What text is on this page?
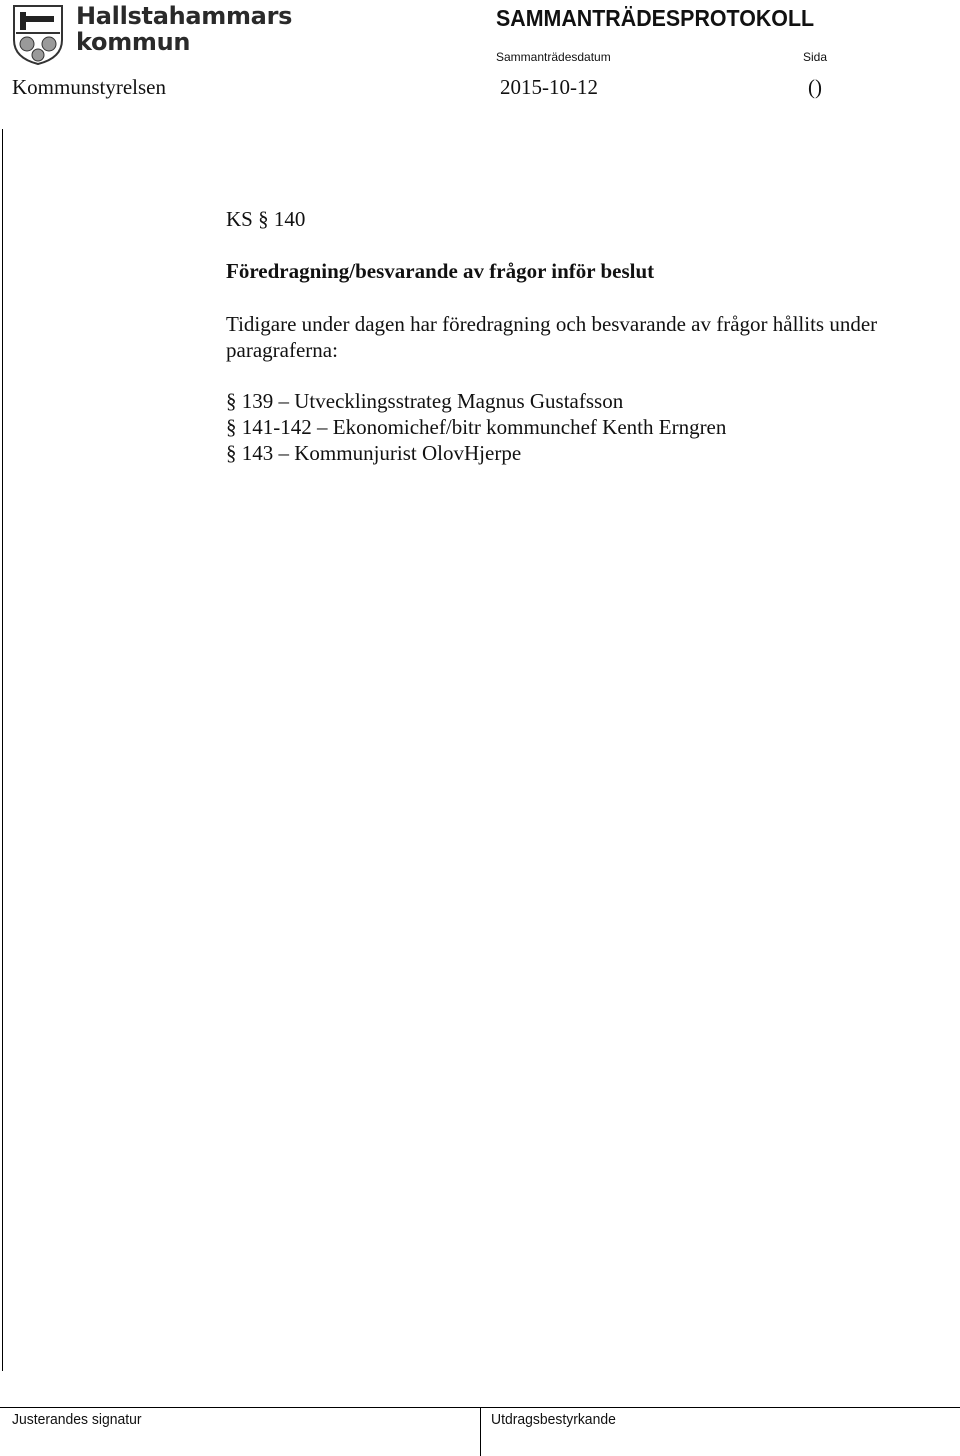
Hallstahammars
kommun
SAMMANTRÄDESPROTOKOLL
Sammanträdesdatum	Sida
Kommunstyrelsen	2015-10-12	()
KS § 140
Föredragning/besvarande av frågor inför beslut
Tidigare under dagen har föredragning och besvarande av frågor hållits under paragraferna:
§ 139 – Utvecklingsstrateg Magnus Gustafsson
§ 141-142 – Ekonomichef/bitr kommunchef Kenth Erngren
§ 143 – Kommunjurist OlovHjerpe
Justerandes signatur	Utdragsbestyrkande
